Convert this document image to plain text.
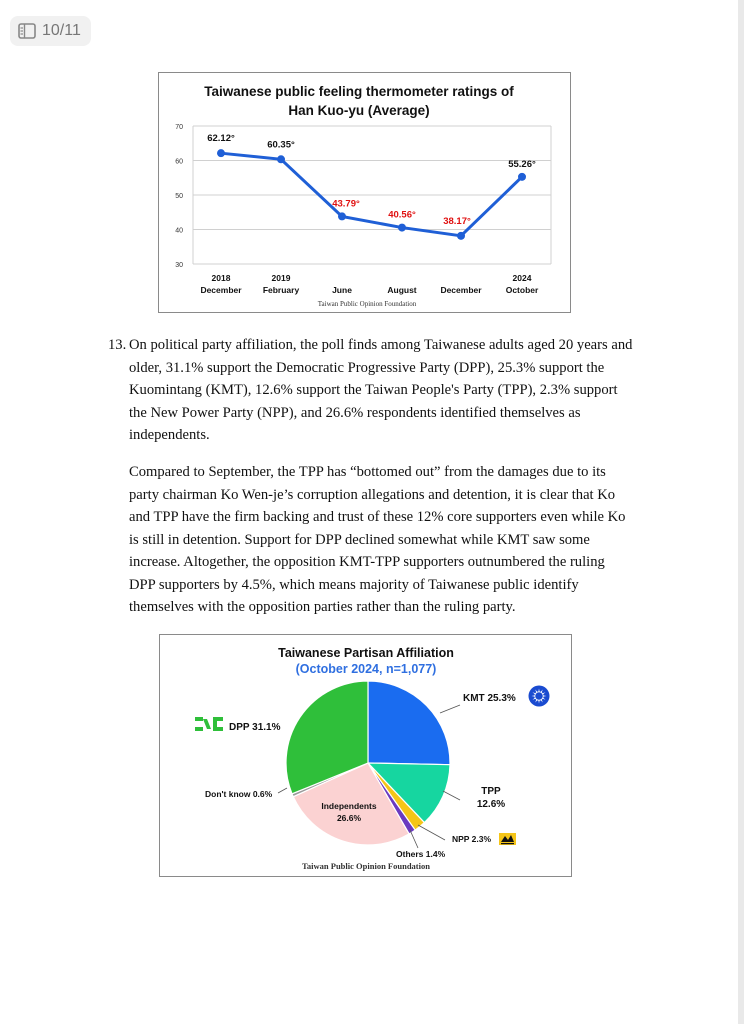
10/11
Taiwanese public feeling thermometer ratings of
Han Kuo-yu (Average)
30
40
50
60
70
2018
December
2019
February	June	August	December
2024
October
62.12°
60.35°
43.79°
40.56°
38.17°
55.26°
Taiwan Public Opinion Foundation
13. On political party affiliation, the poll finds among Taiwanese adults aged 20 years and older, 31.1% support the Democratic Progressive Party (DPP), 25.3% support the Kuomintang (KMT), 12.6% support the Taiwan People's Party (TPP), 2.3% support the New Power Party (NPP), and 26.6% respondents identified themselves as independents.
Compared to September, the TPP has “bottomed out” from the damages due to its party chairman Ko Wen-je’s corruption allegations and detention, it is clear that Ko and TPP have the firm backing and trust of these 12% core supporters even while Ko is still in detention. Support for DPP declined somewhat while KMT saw some increase. Altogether, the opposition KMT-TPP supporters outnumbered the ruling DPP supporters by 4.5%, which means majority of Taiwanese public identify themselves with the opposition parties rather than the ruling party.
Taiwanese Partisan Affiliation
(October 2024, n=1,077)
KMT 25.3%
TPP
12.6%
NPP 2.3%
Others 1.4%
Independents
26.6%
Don't know 0.6%
DPP 31.1%
Taiwan Public Opinion Foundation
